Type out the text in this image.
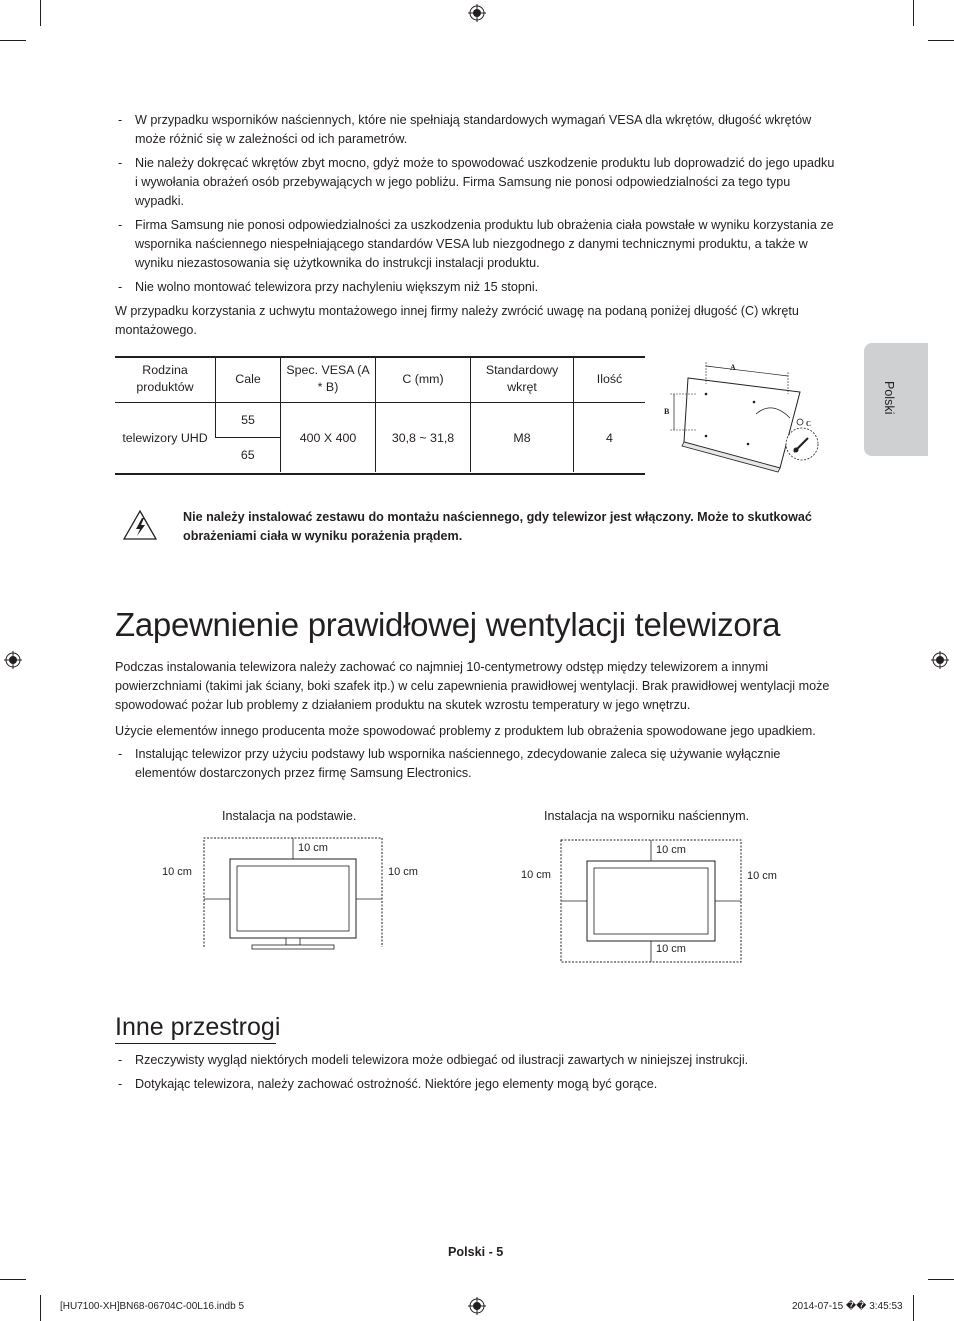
Polski
- W przypadku wsporników naściennych, które nie spełniają standardowych wymagań VESA dla wkrętów, długość wkrętów może różnić się w zależności od ich parametrów.
- Nie należy dokręcać wkrętów zbyt mocno, gdyż może to spowodować uszkodzenie produktu lub doprowadzić do jego upadku i wywołania obrażeń osób przebywających w jego pobliżu. Firma Samsung nie ponosi odpowiedzialności za tego typu wypadki.
- Firma Samsung nie ponosi odpowiedzialności za uszkodzenia produktu lub obrażenia ciała powstałe w wyniku korzystania ze wspornika naściennego niespełniającego standardów VESA lub niezgodnego z danymi technicznymi produktu, a także w wyniku niezastosowania się użytkownika do instrukcji instalacji produktu.
- Nie wolno montować telewizora przy nachyleniu większym niż 15 stopni.

W przypadku korzystania z uchwytu montażowego innej firmy należy zwrócić uwagę na podaną poniżej długość (C) wkrętu montażowego.

Rodzina produktów	Cale	Spec. VESA (A * B)	C (mm)	Standardowy wkręt	Ilość
telewizory UHD	55	400 X 400	30,8 ~ 31,8	M8	4
	65				
A
B
C
Nie należy instalować zestawu do montażu naściennego, gdy telewizor jest włączony. Może to skutkować obrażeniami ciała w wyniku porażenia prądem.
Zapewnienie prawidłowej wentylacji telewizora

Podczas instalowania telewizora należy zachować co najmniej 10-centymetrowy odstęp między telewizorem a innymi powierzchniami (takimi jak ściany, boki szafek itp.) w celu zapewnienia prawidłowej wentylacji. Brak prawidłowej wentylacji może spowodować pożar lub problemy z działaniem produktu na skutek wzrostu temperatury w jego wnętrzu.

Użycie elementów innego producenta może spowodować problemy z produktem lub obrażenia spowodowane jego upadkiem.

- Instalując telewizor przy użyciu podstawy lub wspornika naściennego, zdecydowanie zaleca się używanie wyłącznie elementów dostarczonych przez firmę Samsung Electronics.
Instalacja na podstawie.
10 cm
10 cm	10 cm
Instalacja na wsporniku naściennym.
10 cm
10 cm	10 cm
10 cm
Inne przestrogi
- Rzeczywisty wygląd niektórych modeli telewizora może odbiegać od ilustracji zawartych w niniejszej instrukcji.
- Dotykając telewizora, należy zachować ostrożność. Niektóre jego elementy mogą być gorące.
Polski - 5
[HU7100-XH]BN68-06704C-00L16.indb 5	2014-07-15 �� 3:45:53
